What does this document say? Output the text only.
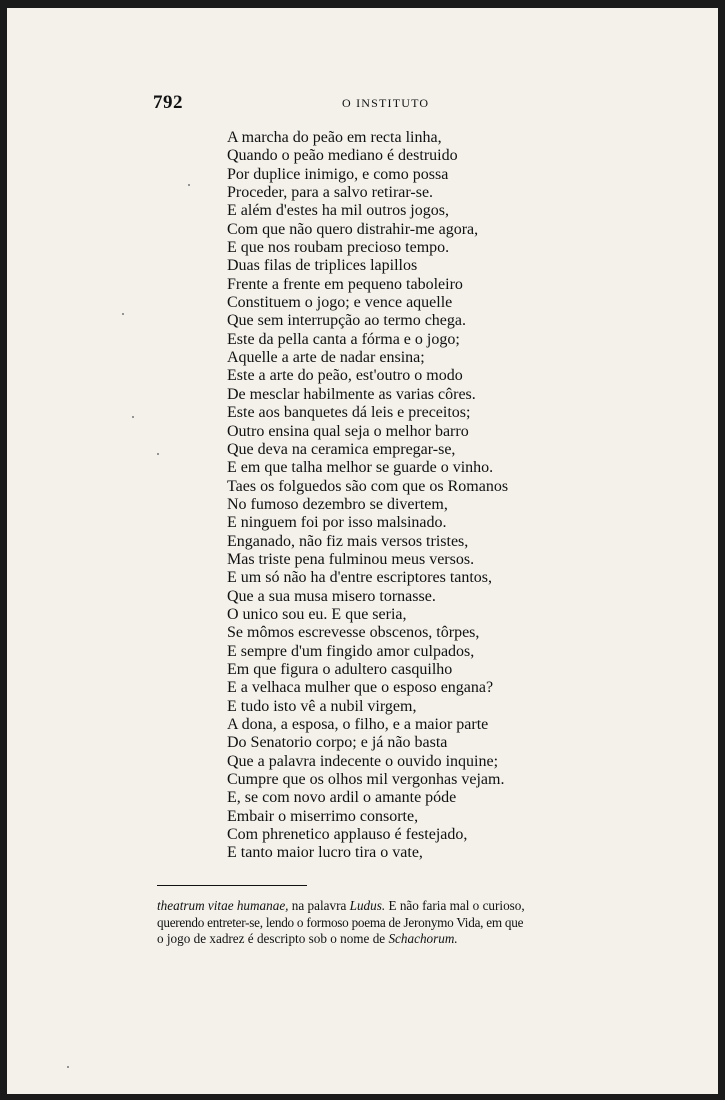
792	O INSTITUTO
A marcha do peão em recta linha,
Quando o peão mediano é destruido
Por duplice inimigo, e como possa
Proceder, para a salvo retirar-se.
E além d'estes ha mil outros jogos,
Com que não quero distrahir-me agora,
E que nos roubam precioso tempo.
Duas filas de triplices lapillos
Frente a frente em pequeno taboleiro
Constituem o jogo; e vence aquelle
Que sem interrupção ao termo chega.
Este da pella canta a fórma e o jogo;
Aquelle a arte de nadar ensina;
Este a arte do peão, est'outro o modo
De mesclar habilmente as varias côres.
Este aos banquetes dá leis e preceitos;
Outro ensina qual seja o melhor barro
Que deva na ceramica empregar-se,
E em que talha melhor se guarde o vinho.
Taes os folguedos são com que os Romanos
No fumoso dezembro se divertem,
E ninguem foi por isso malsinado.
Enganado, não fiz mais versos tristes,
Mas triste pena fulminou meus versos.
E um só não ha d'entre escriptores tantos,
Que a sua musa misero tornasse.
O unico sou eu. E que seria,
Se mômos escrevesse obscenos, tôrpes,
E sempre d'um fingido amor culpados,
Em que figura o adultero casquilho
E a velhaca mulher que o esposo engana?
E tudo isto vê a nubil virgem,
A dona, a esposa, o filho, e a maior parte
Do Senatorio corpo; e já não basta
Que a palavra indecente o ouvido inquine;
Cumpre que os olhos mil vergonhas vejam.
E, se com novo ardil o amante póde
Embair o miserrimo consorte,
Com phrenetico applauso é festejado,
E tanto maior lucro tira o vate,

theatrum vitae humanae, na palavra Ludus. E não faria mal o curioso,
querendo entreter-se, lendo o formoso poema de Jeronymo Vida, em que
o jogo de xadrez é descripto sob o nome de Schachorum.
